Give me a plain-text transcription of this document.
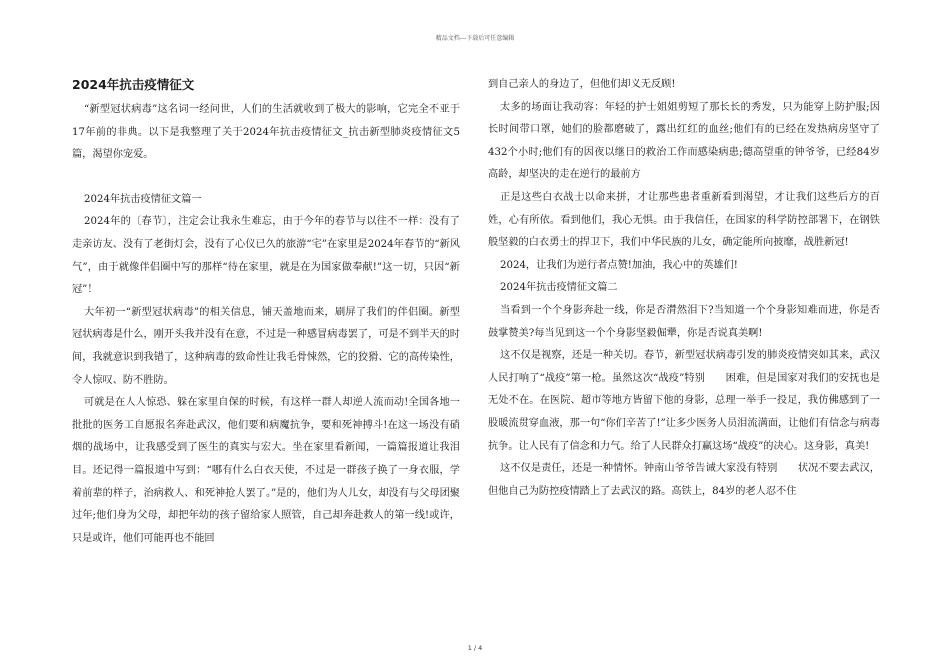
精品文档---下载后可任意编辑
2024年抗击疫情征文

“新型冠状病毒”这名词一经问世，人们的生活就收到了极大的影响，它完全不亚于17年前的非典。以下是我整理了关于2024年抗击疫情征文_抗击新型肺炎疫情征文5篇，渴望你宠爱。

2024年抗击疫情征文篇一

2024年的〔春节〕，注定会让我永生难忘，由于今年的春节与以往不一样：没有了走亲访友、没有了老街灯会，没有了心仪已久的旅游“宅”在家里是2024年春节的“新风气”，由于就像伴侣圈中写的那样“待在家里，就是在为国家做奉献!”这一切，只因“新冠”！

大年初一“新型冠状病毒”的相关信息，铺天盖地而来，刷屏了我们的伴侣圈。新型冠状病毒是什么，刚开头我并没有在意，不过是一种感冒病毒罢了，可是不到半天的时间，我就意识到我错了，这种病毒的致命性让我毛骨悚然，它的狡猾、它的高传染性，令人惊叹、防不胜防。

可就是在人人惊恐、躲在家里自保的时候，有这样一群人却逆人流而动!全国各地一批批的医务工自愿报名奔赴武汉，他们要和病魔抗争，要和死神搏斗!在这一场没有硝烟的战场中，让我感受到了医生的真实与宏大。坐在家里看新闻，一篇篇报道让我泪目。还记得一篇报道中写到：“哪有什么白衣天使，不过是一群孩子换了一身衣服，学着前辈的样子，治病救人、和死神抢人罢了。”是的，他们为人儿女，却没有与父母团聚过年;他们身为父母，却把年幼的孩子留给家人照管，自己却奔赴救人的第一线!或许，只是或许，他们可能再也不能回

到自己亲人的身边了，但他们却义无反顾!

太多的场面让我动容：年轻的护士姐姐剪短了那长长的秀发，只为能穿上防护服;因长时间带口罩，她们的脸都磨破了，露出红红的血丝;他们有的已经在发热病房坚守了432个小时;他们有的因夜以继日的救治工作而感染病患;德高望重的钟爷爷，已经84岁高龄，却坚决的走在逆行的最前方

正是这些白衣战士以命来拼，才让那些患者重新看到渴望，才让我们这些后方的百姓，心有所依。看到他们，我心无惧。由于我信任，在国家的科学防控部署下，在钢铁般坚毅的白衣勇士的捍卫下，我们中华民族的儿女，确定能所向披靡，战胜新冠!

2024，让我们为逆行者点赞!加油，我心中的英雄们!

2024年抗击疫情征文篇二

当看到一个个身影奔赴一线，你是否潸然泪下?当知道一个个身影知难而进，你是否鼓掌赞美?每当见到这一个个身影坚毅倔犟，你是否说真美啊!

这不仅是视察，还是一种关切。春节，新型冠状病毒引发的肺炎疫情突如其来，武汉人民打响了“战疫”第一枪。虽然这次“战疫”特别　　困难，但是国家对我们的安抚也是无处不在。在医院、超市等地方皆留下他的身影，总理一举手一投足，我仿佛感到了一股暖流贯穿血液，那一句“你们辛苦了!”让多少医务人员泪流满面，让他们有信念与病毒抗争。让人民有了信念和力气。给了人民群众打赢这场“战疫”的决心。这身影，真美!

这不仅是责任，还是一种情怀。钟南山爷爷告诫大家没有特别　　状况不要去武汉，但他自己为防控疫情踏上了去武汉的路。高铁上，84岁的老人忍不住

1 / 4
